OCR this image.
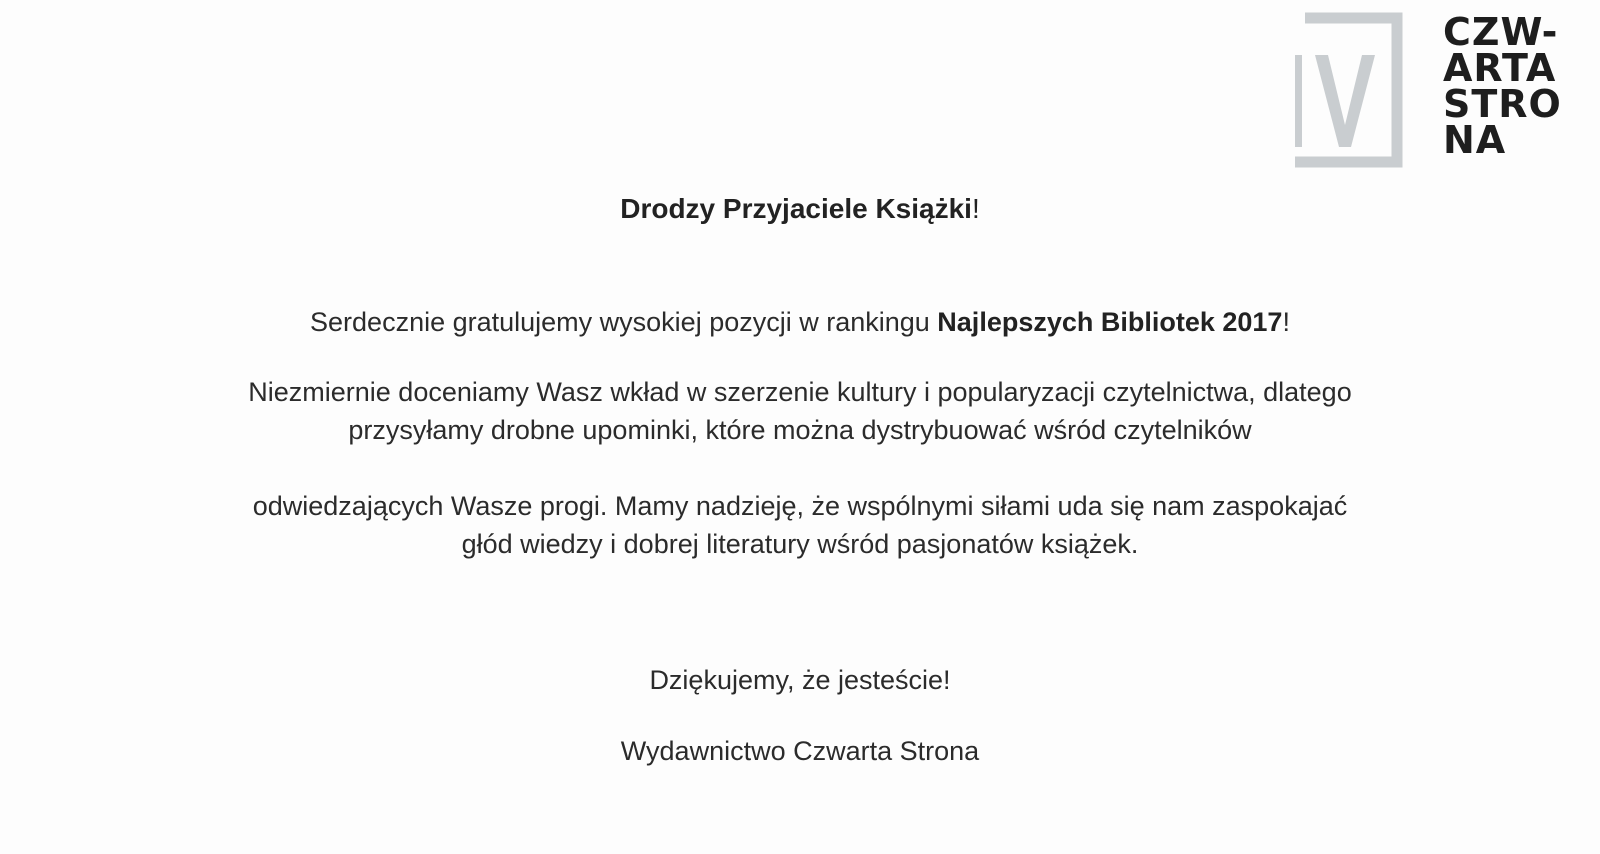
CZW-
ARTA
STRO
NA
Drodzy Przyjaciele Książki!
Serdecznie gratulujemy wysokiej pozycji w rankingu Najlepszych Bibliotek 2017!
Niezmiernie doceniamy Wasz wkład w szerzenie kultury i popularyzacji czytelnictwa, dlatego
przysyłamy drobne upominki, które można dystrybuować wśród czytelników
odwiedzających Wasze progi. Mamy nadzieję, że wspólnymi siłami uda się nam zaspokajać
głód wiedzy i dobrej literatury wśród pasjonatów książek.
Dziękujemy, że jesteście!
Wydawnictwo Czwarta Strona
